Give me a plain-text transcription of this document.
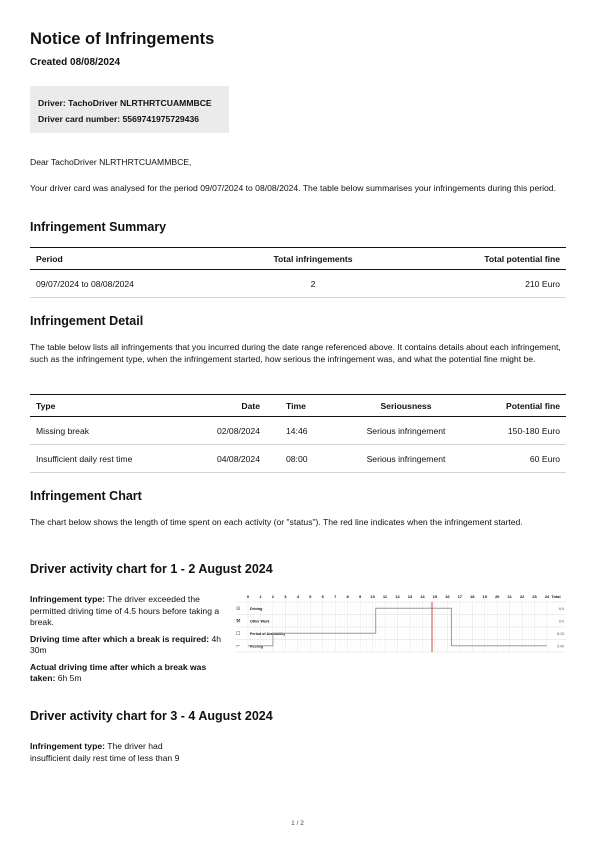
Notice of Infringements

Created 08/08/2024

Driver: TachoDriver NLRTHRTCUAMMBCE
Driver card number: 5569741975729436

Dear TachoDriver NLRTHRTCUAMMBCE,

Your driver card was analysed for the period 09/07/2024 to 08/08/2024. The table below summarises your infringements during this period.

Infringement Summary
Period	Total infringements	Total potential fine
09/07/2024 to 08/08/2024	2	210 Euro
Infringement Detail

The table below lists all infringements that you incurred during the date range referenced above. It contains details about each infringement, such as the infringement type, when the infringement started, how serious the infringement was, and what the potential fine might be.

Type	Date	Time	Seriousness	Potential fine
Missing break	02/08/2024	14:46	Serious infringement	150-180 Euro
Insufficient daily rest time	04/08/2024	08:00	Serious infringement	60 Euro
Infringement Chart

The chart below shows the length of time spent on each activity (or "status"). The red line indicates when the infringement started.

Driver activity chart for 1 - 2 August 2024

Infringement type: The driver exceeded the permitted driving time of 4.5 hours before taking a break.

Driving time after which a break is required: 4h 30m

Actual driving time after which a break was taken: 6h 5m

0	1	2	3	4	5	6	7	8	9 10 11 12 13 14 15 16 17 18 19 20 21 22 23 24 Total
⊙	Driving	6:5
⚒	Other Work	0:0
☐	Period of Availability	8:15
⌐	Resting	9:40
Driver activity chart for 3 - 4 August 2024

Infringement type: The driver had insufficient daily rest time of less than 9

1 / 2
